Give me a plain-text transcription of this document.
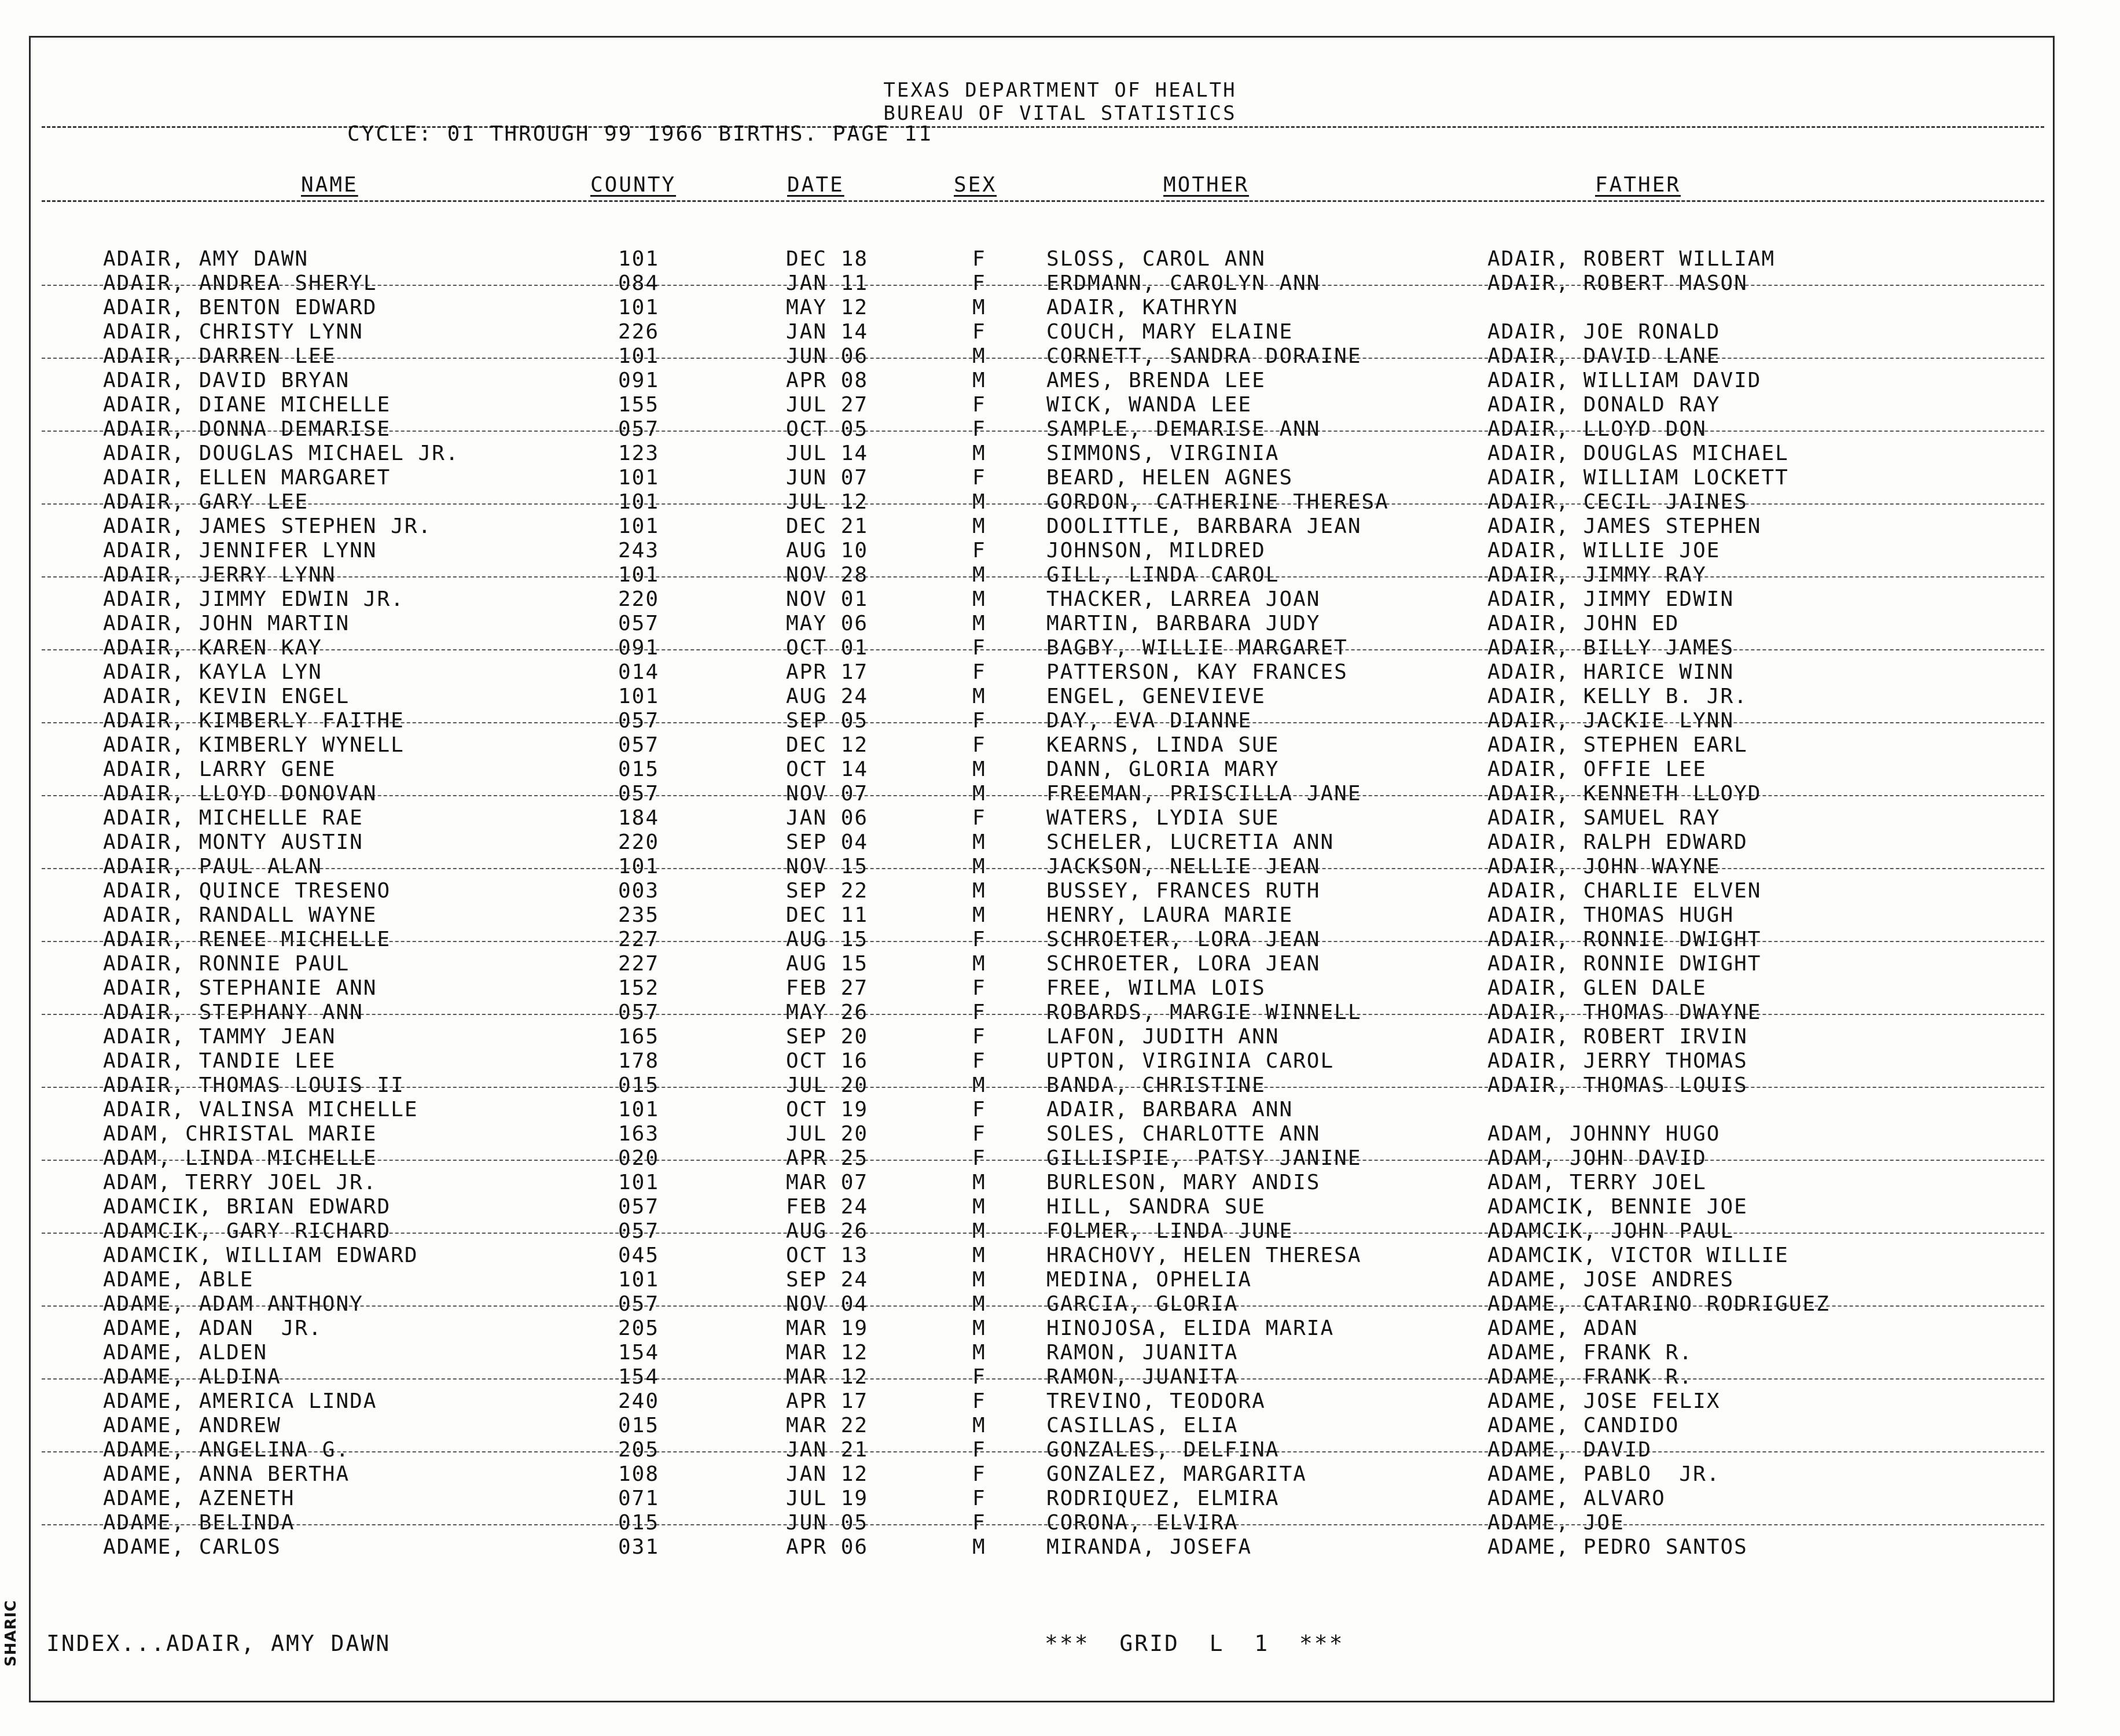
TEXAS DEPARTMENT OF HEALTH
BUREAU OF VITAL STATISTICS
CYCLE: 01 THROUGH 99 1966 BIRTHS. PAGE 11
NAME	COUNTY	DATE	SEX	MOTHER	FATHER
ADAIR, AMY DAWN	101	DEC 18	F	SLOSS, CAROL ANN	ADAIR, ROBERT WILLIAM
ADAIR, ANDREA SHERYL	084	JAN 11	F	ERDMANN, CAROLYN ANN	ADAIR, ROBERT MASON
ADAIR, BENTON EDWARD	101	MAY 12	M	ADAIR, KATHRYN
ADAIR, CHRISTY LYNN	226	JAN 14	F	COUCH, MARY ELAINE	ADAIR, JOE RONALD
ADAIR, DARREN LEE	101	JUN 06	M	CORNETT, SANDRA DORAINE	ADAIR, DAVID LANE
ADAIR, DAVID BRYAN	091	APR 08	M	AMES, BRENDA LEE	ADAIR, WILLIAM DAVID
ADAIR, DIANE MICHELLE	155	JUL 27	F	WICK, WANDA LEE	ADAIR, DONALD RAY
ADAIR, DONNA DEMARISE	057	OCT 05	F	SAMPLE, DEMARISE ANN	ADAIR, LLOYD DON
ADAIR, DOUGLAS MICHAEL JR.	123	JUL 14	M	SIMMONS, VIRGINIA	ADAIR, DOUGLAS MICHAEL
ADAIR, ELLEN MARGARET	101	JUN 07	F	BEARD, HELEN AGNES	ADAIR, WILLIAM LOCKETT
ADAIR, GARY LEE	101	JUL 12	M	GORDON, CATHERINE THERESA	ADAIR, CECIL JAINES
ADAIR, JAMES STEPHEN JR.	101	DEC 21	M	DOOLITTLE, BARBARA JEAN	ADAIR, JAMES STEPHEN
ADAIR, JENNIFER LYNN	243	AUG 10	F	JOHNSON, MILDRED	ADAIR, WILLIE JOE
ADAIR, JERRY LYNN	101	NOV 28	M	GILL, LINDA CAROL	ADAIR, JIMMY RAY
ADAIR, JIMMY EDWIN JR.	220	NOV 01	M	THACKER, LARREA JOAN	ADAIR, JIMMY EDWIN
ADAIR, JOHN MARTIN	057	MAY 06	M	MARTIN, BARBARA JUDY	ADAIR, JOHN ED
ADAIR, KAREN KAY	091	OCT 01	F	BAGBY, WILLIE MARGARET	ADAIR, BILLY JAMES
ADAIR, KAYLA LYN	014	APR 17	F	PATTERSON, KAY FRANCES	ADAIR, HARICE WINN
ADAIR, KEVIN ENGEL	101	AUG 24	M	ENGEL, GENEVIEVE	ADAIR, KELLY B. JR.
ADAIR, KIMBERLY FAITHE	057	SEP 05	F	DAY, EVA DIANNE	ADAIR, JACKIE LYNN
ADAIR, KIMBERLY WYNELL	057	DEC 12	F	KEARNS, LINDA SUE	ADAIR, STEPHEN EARL
ADAIR, LARRY GENE	015	OCT 14	M	DANN, GLORIA MARY	ADAIR, OFFIE LEE
ADAIR, LLOYD DONOVAN	057	NOV 07	M	FREEMAN, PRISCILLA JANE	ADAIR, KENNETH LLOYD
ADAIR, MICHELLE RAE	184	JAN 06	F	WATERS, LYDIA SUE	ADAIR, SAMUEL RAY
ADAIR, MONTY AUSTIN	220	SEP 04	M	SCHELER, LUCRETIA ANN	ADAIR, RALPH EDWARD
ADAIR, PAUL ALAN	101	NOV 15	M	JACKSON, NELLIE JEAN	ADAIR, JOHN WAYNE
ADAIR, QUINCE TRESENO	003	SEP 22	M	BUSSEY, FRANCES RUTH	ADAIR, CHARLIE ELVEN
ADAIR, RANDALL WAYNE	235	DEC 11	M	HENRY, LAURA MARIE	ADAIR, THOMAS HUGH
ADAIR, RENEE MICHELLE	227	AUG 15	F	SCHROETER, LORA JEAN	ADAIR, RONNIE DWIGHT
ADAIR, RONNIE PAUL	227	AUG 15	M	SCHROETER, LORA JEAN	ADAIR, RONNIE DWIGHT
ADAIR, STEPHANIE ANN	152	FEB 27	F	FREE, WILMA LOIS	ADAIR, GLEN DALE
ADAIR, STEPHANY ANN	057	MAY 26	F	ROBARDS, MARGIE WINNELL	ADAIR, THOMAS DWAYNE
ADAIR, TAMMY JEAN	165	SEP 20	F	LAFON, JUDITH ANN	ADAIR, ROBERT IRVIN
ADAIR, TANDIE LEE	178	OCT 16	F	UPTON, VIRGINIA CAROL	ADAIR, JERRY THOMAS
ADAIR, THOMAS LOUIS II	015	JUL 20	M	BANDA, CHRISTINE	ADAIR, THOMAS LOUIS
ADAIR, VALINSA MICHELLE	101	OCT 19	F	ADAIR, BARBARA ANN
ADAM, CHRISTAL MARIE	163	JUL 20	F	SOLES, CHARLOTTE ANN	ADAM, JOHNNY HUGO
ADAM, LINDA MICHELLE	020	APR 25	F	GILLISPIE, PATSY JANINE	ADAM, JOHN DAVID
ADAM, TERRY JOEL JR.	101	MAR 07	M	BURLESON, MARY ANDIS	ADAM, TERRY JOEL
ADAMCIK, BRIAN EDWARD	057	FEB 24	M	HILL, SANDRA SUE	ADAMCIK, BENNIE JOE
ADAMCIK, GARY RICHARD	057	AUG 26	M	FOLMER, LINDA JUNE	ADAMCIK, JOHN PAUL
ADAMCIK, WILLIAM EDWARD	045	OCT 13	M	HRACHOVY, HELEN THERESA	ADAMCIK, VICTOR WILLIE
ADAME, ABLE	101	SEP 24	M	MEDINA, OPHELIA	ADAME, JOSE ANDRES
ADAME, ADAM ANTHONY	057	NOV 04	M	GARCIA, GLORIA	ADAME, CATARINO RODRIGUEZ
ADAME, ADAN  JR.	205	MAR 19	M	HINOJOSA, ELIDA MARIA	ADAME, ADAN
ADAME, ALDEN	154	MAR 12	M	RAMON, JUANITA	ADAME, FRANK R.
ADAME, ALDINA	154	MAR 12	F	RAMON, JUANITA	ADAME, FRANK R.
ADAME, AMERICA LINDA	240	APR 17	F	TREVINO, TEODORA	ADAME, JOSE FELIX
ADAME, ANDREW	015	MAR 22	M	CASILLAS, ELIA	ADAME, CANDIDO
ADAME, ANGELINA G.	205	JAN 21	F	GONZALES, DELFINA	ADAME, DAVID
ADAME, ANNA BERTHA	108	JAN 12	F	GONZALEZ, MARGARITA	ADAME, PABLO  JR.
ADAME, AZENETH	071	JUL 19	F	RODRIQUEZ, ELMIRA	ADAME, ALVARO
ADAME, BELINDA	015	JUN 05	F	CORONA, ELVIRA	ADAME, JOE
ADAME, CARLOS	031	APR 06	M	MIRANDA, JOSEFA	ADAME, PEDRO SANTOS
INDEX...ADAIR, AMY DAWN	***  GRID  L  1  ***
SHARIC
